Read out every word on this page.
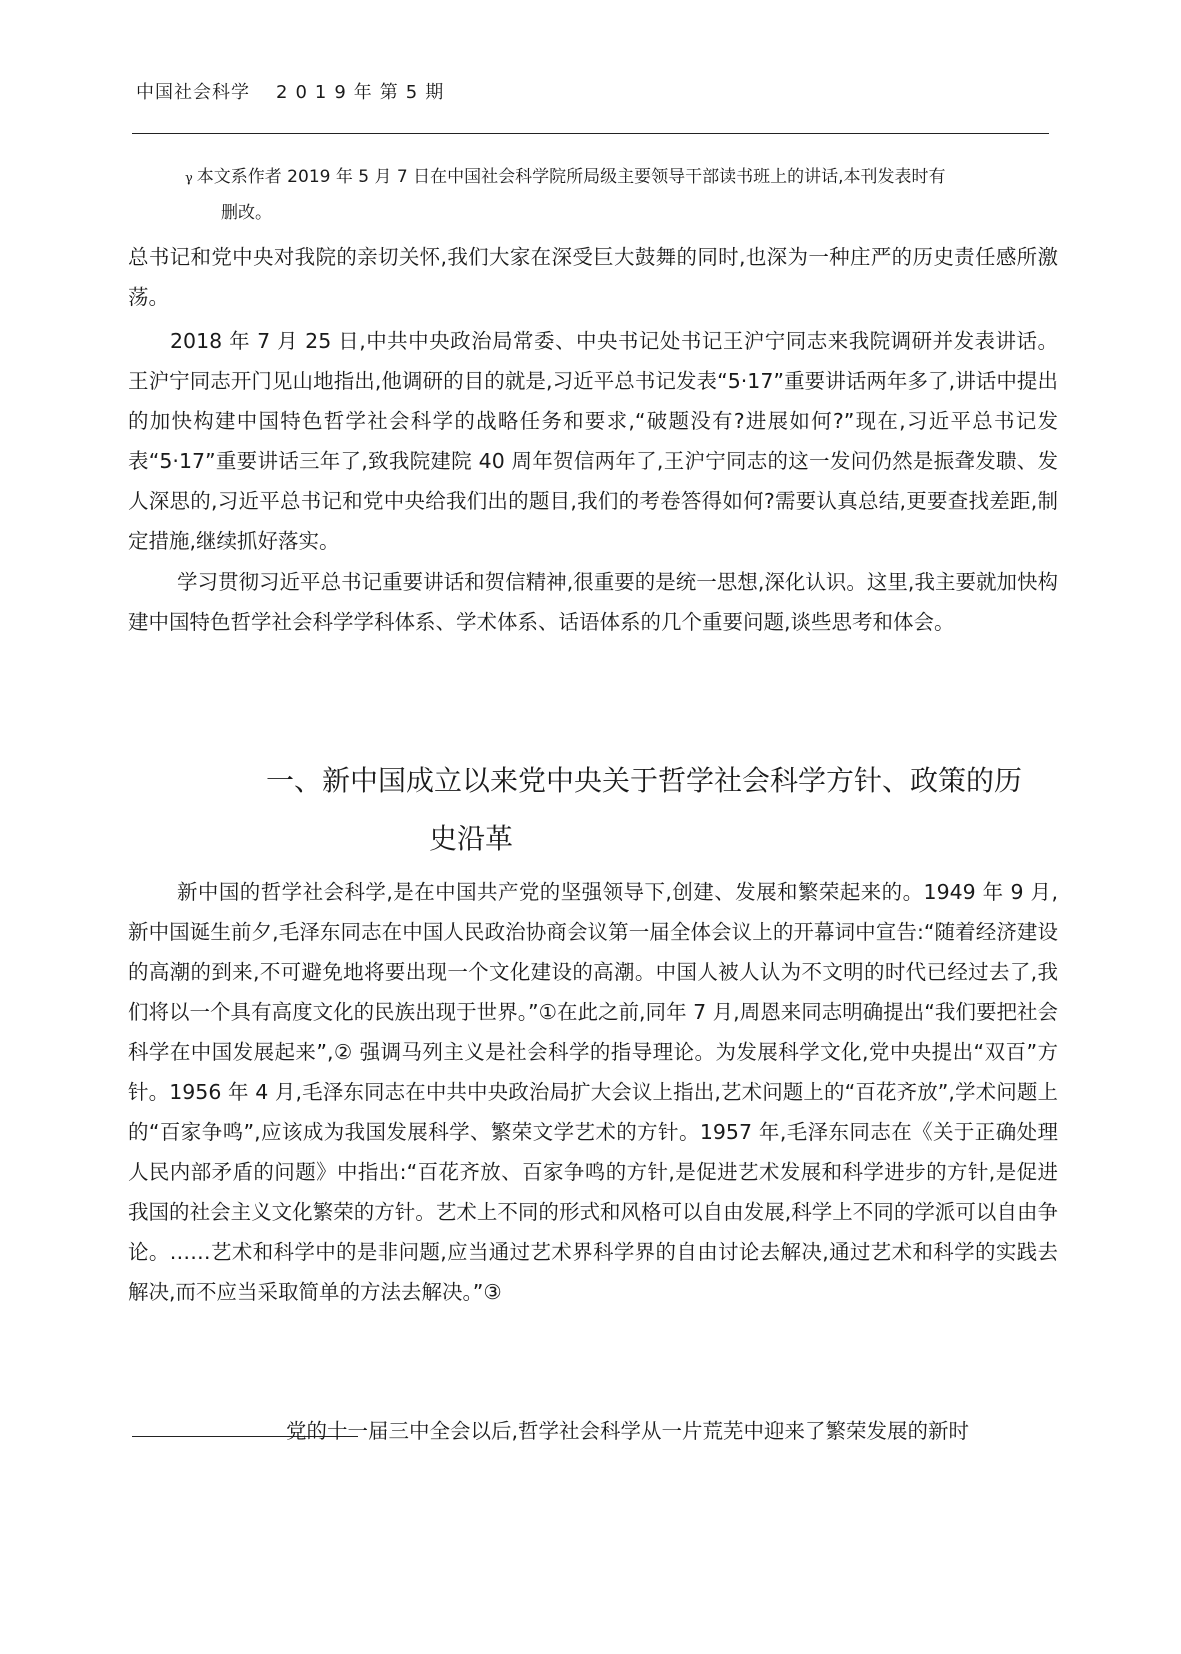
中国社会科学 2019年第5期
γ 本文系作者 2019 年 5 月 7 日在中国社会科学院所局级主要领导干部读书班上的讲话,本刊发表时有
删改。
总书记和党中央对我院的亲切关怀,我们大家在深受巨大鼓舞的同时,也深为一种庄严的历史责任感所激荡。
2018 年 7 月 25 日,中共中央政治局常委、中央书记处书记王沪宁同志来我院调研并发表讲话。王沪宁同志开门见山地指出,他调研的目的就是,习近平总书记发表“5·17”重要讲话两年多了,讲话中提出的加快构建中国特色哲学社会科学的战略任务和要求,“破题没有?进展如何?”现在,习近平总书记发表“5·17”重要讲话三年了,致我院建院 40 周年贺信两年了,王沪宁同志的这一发问仍然是振聋发聩、发人深思的,习近平总书记和党中央给我们出的题目,我们的考卷答得如何?需要认真总结,更要查找差距,制定措施,继续抓好落实。
学习贯彻习近平总书记重要讲话和贺信精神,很重要的是统一思想,深化认识。这里,我主要就加快构建中国特色哲学社会科学学科体系、学术体系、话语体系的几个重要问题,谈些思考和体会。
一、新中国成立以来党中央关于哲学社会科学方针、政策的历
史沿革
新中国的哲学社会科学,是在中国共产党的坚强领导下,创建、发展和繁荣起来的。1949 年 9 月,新中国诞生前夕,毛泽东同志在中国人民政治协商会议第一届全体会议上的开幕词中宣告:“随着经济建设的高潮的到来,不可避免地将要出现一个文化建设的高潮。中国人被人认为不文明的时代已经过去了,我们将以一个具有高度文化的民族出现于世界。”①在此之前,同年 7 月,周恩来同志明确提出“我们要把社会科学在中国发展起来”,② 强调马列主义是社会科学的指导理论。为发展科学文化,党中央提出“双百”方针。1956 年 4 月,毛泽东同志在中共中央政治局扩大会议上指出,艺术问题上的“百花齐放”,学术问题上的“百家争鸣”,应该成为我国发展科学、繁荣文学艺术的方针。1957 年,毛泽东同志在《关于正确处理人民内部矛盾的问题》中指出:“百花齐放、百家争鸣的方针,是促进艺术发展和科学进步的方针,是促进我国的社会主义文化繁荣的方针。艺术上不同的形式和风格可以自由发展,科学上不同的学派可以自由争论。……艺术和科学中的是非问题,应当通过艺术界科学界的自由讨论去解决,通过艺术和科学的实践去解决,而不应当采取简单的方法去解决。”③
党的十一届三中全会以后,哲学社会科学从一片荒芜中迎来了繁荣发展的新时
